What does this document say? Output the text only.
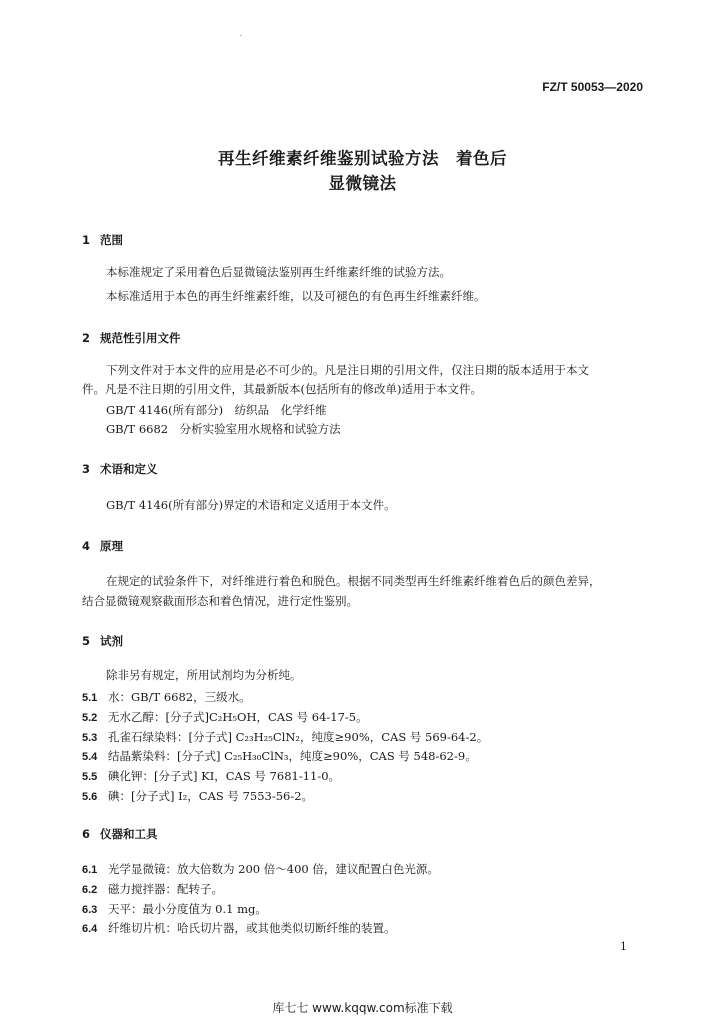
FZ/T 50053—2020
再生纤维素纤维鉴别试验方法　着色后
显微镜法
1 范围
本标准规定了采用着色后显微镜法鉴别再生纤维素纤维的试验方法。
本标准适用于本色的再生纤维素纤维，以及可褪色的有色再生纤维素纤维。
2 规范性引用文件
下列文件对于本文件的应用是必不可少的。凡是注日期的引用文件，仅注日期的版本适用于本文
件。凡是不注日期的引用文件，其最新版本(包括所有的修改单)适用于本文件。
GB/T 4146(所有部分)　纺织品　化学纤维
GB/T 6682　分析实验室用水规格和试验方法
3 术语和定义
GB/T 4146(所有部分)界定的术语和定义适用于本文件。
4 原理
在规定的试验条件下，对纤维进行着色和脱色。根据不同类型再生纤维素纤维着色后的颜色差异，
结合显微镜观察截面形态和着色情况，进行定性鉴别。
5 试剂
除非另有规定，所用试剂均为分析纯。
5.1 水：GB/T 6682，三级水。
5.2 无水乙醇：[分子式]C₂H₅OH，CAS 号 64-17-5。
5.3 孔雀石绿染料：[分子式] C₂₃H₂₅ClN₂，纯度≥90%，CAS 号 569-64-2。
5.4 结晶紫染料：[分子式] C₂₅H₃₀ClN₃，纯度≥90%，CAS 号 548-62-9。
5.5 碘化钾：[分子式] KI，CAS 号 7681-11-0。
5.6 碘：[分子式] I₂，CAS 号 7553-56-2。
6 仪器和工具
6.1 光学显微镜：放大倍数为 200 倍～400 倍，建议配置白色光源。
6.2 磁力搅拌器：配转子。
6.3 天平：最小分度值为 0.1 mg。
6.4 纤维切片机：哈氏切片器，或其他类似切断纤维的装置。
1
库七七 www.kqqw.com标准下载
